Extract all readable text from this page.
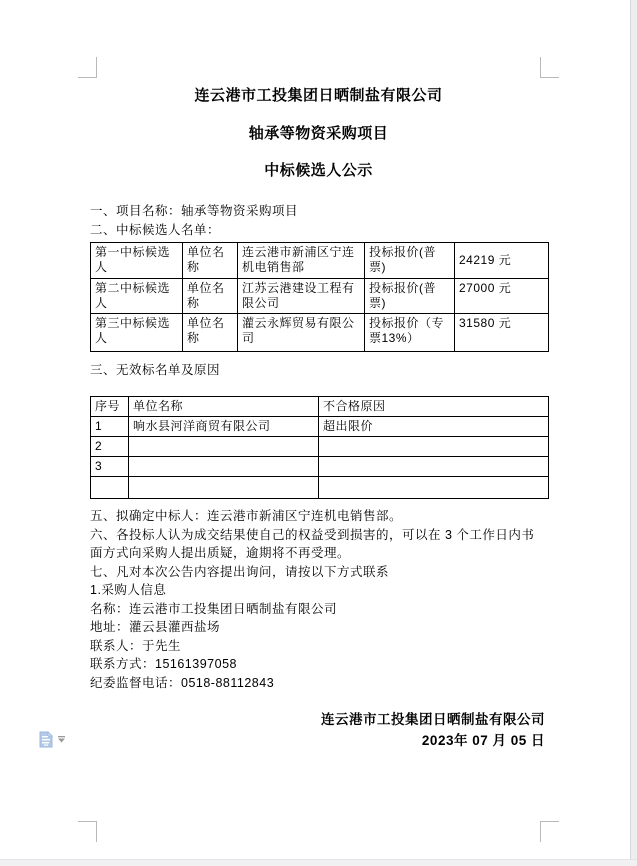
连云港市工投集团日晒制盐有限公司
轴承等物资采购项目
中标候选人公示
一、项目名称：轴承等物资采购项目
二、中标候选人名单：
第一中标候选人	单位名称	连云港市新浦区宁连机电销售部	投标报价(普票)	24219 元
第二中标候选人	单位名称	江苏云港建设工程有限公司	投标报价(普票)	27000 元
第三中标候选人	单位名称	灌云永辉贸易有限公司	投标报价（专票13%）	31580 元
三、无效标名单及原因
序号	单位名称	不合格原因
1	响水县河洋商贸有限公司	超出限价
2		
3		

五、拟确定中标人：连云港市新浦区宁连机电销售部。
六、各投标人认为成交结果使自己的权益受到损害的，可以在 3 个工作日内书面方式向采购人提出质疑，逾期将不再受理。
七、凡对本次公告内容提出询问，请按以下方式联系
1.采购人信息
名称：连云港市工投集团日晒制盐有限公司
地址：灌云县灌西盐场
联系人：于先生
联系方式：15161397058
纪委监督电话：0518-88112843
连云港市工投集团日晒制盐有限公司
2023年 07 月 05 日
